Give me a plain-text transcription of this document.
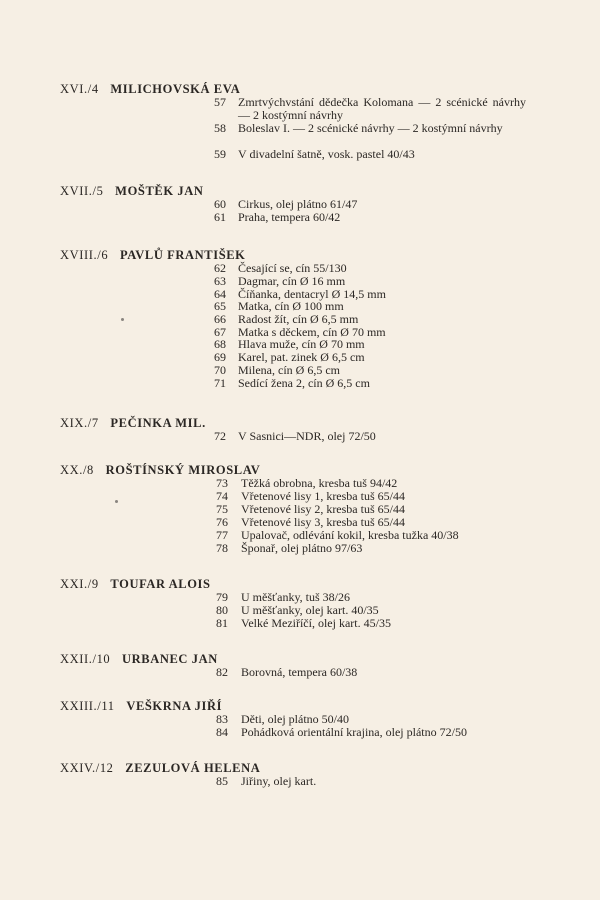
XVI./4 MILICHOVSKÁ EVA
57 Zmrtvýchvstání dědečka Kolomana — 2 scénické návrhy — 2 kostýmní návrhy
58 Boleslav I. — 2 scénické návrhy — 2 kostýmní návrhy
59 V divadelní šatně, vosk. pastel 40/43
XVII./5 MOŠTĚK JAN
60 Cirkus, olej plátno 61/47
61 Praha, tempera 60/42
XVIII./6 PAVLŮ FRANTIŠEK
62 Česající se, cín 55/130
63 Dagmar, cín Ø 16 mm
64 Číňanka, dentacryl Ø 14,5 mm
65 Matka, cín Ø 100 mm
66 Radost žít, cín Ø 6,5 mm
67 Matka s děckem, cín Ø 70 mm
68 Hlava muže, cín Ø 70 mm
69 Karel, pat. zinek Ø 6,5 cm
70 Milena, cín Ø 6,5 cm
71 Sedící žena 2, cín Ø 6,5 cm
XIX./7 PEČINKA MIL.
72 V Sasnici—NDR, olej 72/50
XX./8 ROŠTÍNSKÝ MIROSLAV
73 Těžká obrobna, kresba tuš 94/42
74 Vřetenové lisy 1, kresba tuš 65/44
75 Vřetenové lisy 2, kresba tuš 65/44
76 Vřetenové lisy 3, kresba tuš 65/44
77 Upalovač, odlévání kokil, kresba tužka 40/38
78 Šponař, olej plátno 97/63
XXI./9 TOUFAR ALOIS
79 U měšťanky, tuš 38/26
80 U měšťanky, olej kart. 40/35
81 Velké Meziříčí, olej kart. 45/35
XXII./10 URBANEC JAN
82 Borovná, tempera 60/38
XXIII./11 VEŠKRNA JIŘÍ
83 Děti, olej plátno 50/40
84 Pohádková orientální krajina, olej plátno 72/50
XXIV./12 ZEZULOVÁ HELENA
85 Jiřiny, olej kart.
